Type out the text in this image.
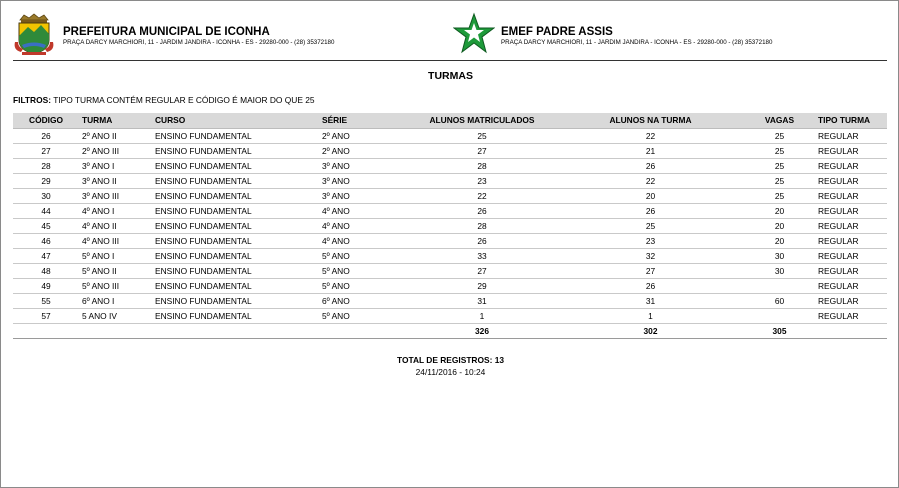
PREFEITURA MUNICIPAL DE ICONHA
PRAÇA DARCY MARCHIORI, 11 - JARDIM JANDIRA - ICONHA - ES - 29280-000 - (28) 35372180
EMEF PADRE ASSIS
PRAÇA DARCY MARCHIORI, 11 - JARDIM JANDIRA - ICONHA - ES - 29280-000 - (28) 35372180
TURMAS
FILTROS: TIPO TURMA CONTÉM REGULAR E CÓDIGO É MAIOR DO QUE 25
CÓDIGO	TURMA	CURSO	SÉRIE	ALUNOS MATRICULADOS	ALUNOS NA TURMA	VAGAS	TIPO TURMA
26	2º ANO II	ENSINO FUNDAMENTAL	2º ANO	25	22	25	REGULAR
27	2º ANO III	ENSINO FUNDAMENTAL	2º ANO	27	21	25	REGULAR
28	3º ANO I	ENSINO FUNDAMENTAL	3º ANO	28	26	25	REGULAR
29	3º ANO II	ENSINO FUNDAMENTAL	3º ANO	23	22	25	REGULAR
30	3º ANO III	ENSINO FUNDAMENTAL	3º ANO	22	20	25	REGULAR
44	4º ANO I	ENSINO FUNDAMENTAL	4º ANO	26	26	20	REGULAR
45	4º ANO II	ENSINO FUNDAMENTAL	4º ANO	28	25	20	REGULAR
46	4º ANO III	ENSINO FUNDAMENTAL	4º ANO	26	23	20	REGULAR
47	5º ANO I	ENSINO FUNDAMENTAL	5º ANO	33	32	30	REGULAR
48	5º ANO II	ENSINO FUNDAMENTAL	5º ANO	27	27	30	REGULAR
49	5º ANO III	ENSINO FUNDAMENTAL	5º ANO	29	26		REGULAR
55	6º ANO I	ENSINO FUNDAMENTAL	6º ANO	31	31	60	REGULAR
57	5 ANO IV	ENSINO FUNDAMENTAL	5º ANO	1	1		REGULAR
				326	302	305	
TOTAL DE REGISTROS: 13
24/11/2016 - 10:24
